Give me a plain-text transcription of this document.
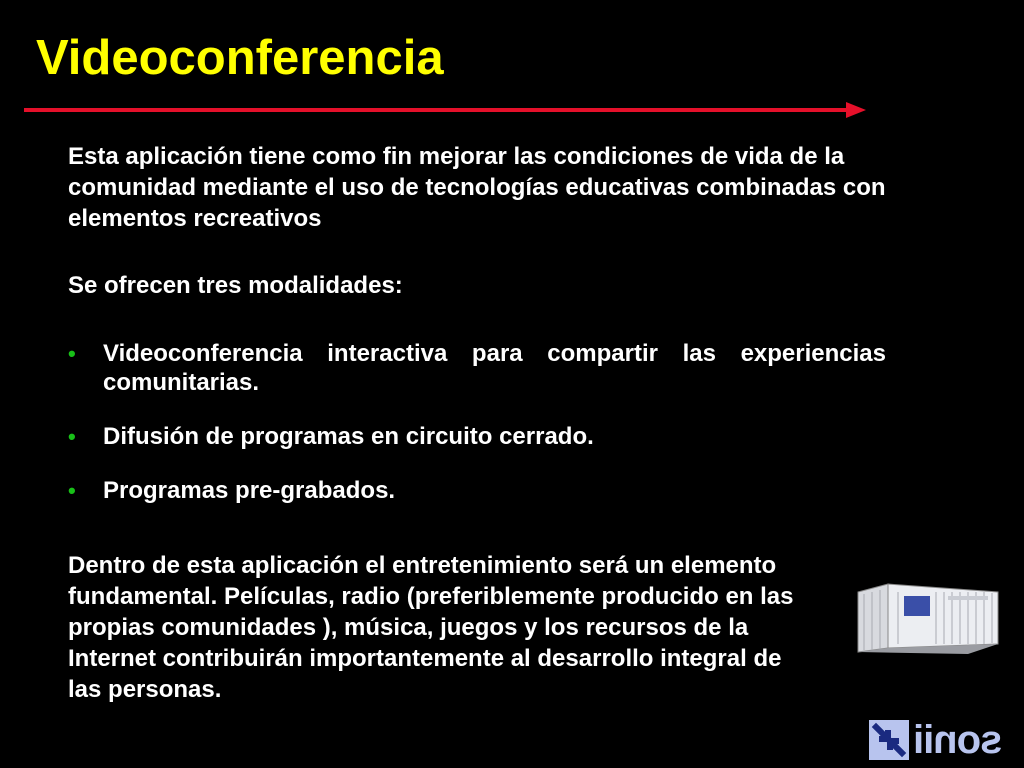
Videoconferencia

Esta aplicación tiene como fin mejorar las condiciones de vida de la comunidad mediante el uso de tecnologías educativas combinadas con elementos recreativos

Se ofrecen tres modalidades:

• Videoconferencia interactiva para compartir las experiencias comunitarias.
• Difusión de programas en circuito cerrado.
• Programas pre-grabados.

Dentro de esta aplicación el entretenimiento será un elemento fundamental. Películas, radio (preferiblemente producido en las propias comunidades ), música, juegos y los recursos de la Internet contribuirán importantemente al desarrollo integral de las personas.

sonii
